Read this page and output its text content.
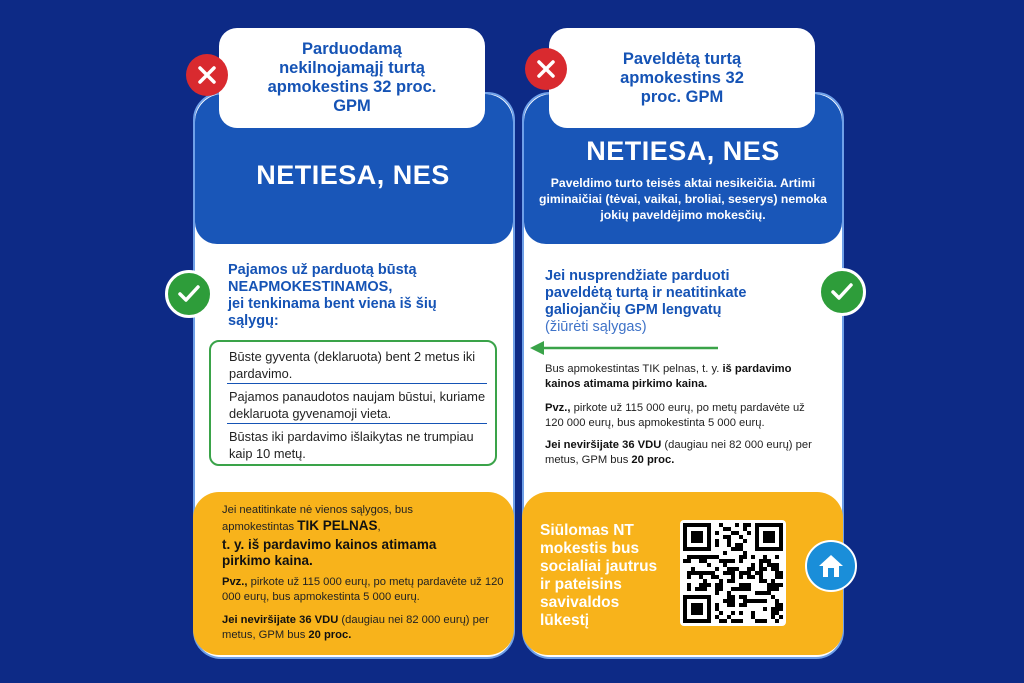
NETIESA, NES
Parduodamą nekilnojamąjį turtą apmokestins 32 proc. GPM
Pajamos už parduotą būstą
NEAPMOKESTINAMOS,
jei tenkinama bent viena iš šių
sąlygų:
Būste gyventa (deklaruota) bent 2 metus iki pardavimo.
Pajamos panaudotos naujam būstui, kuriame deklaruota gyvenamoji vieta.
Būstas iki pardavimo išlaikytas ne trumpiau kaip 10 metų.
Jei neatitinkate nė vienos sąlygos, bus
apmokestintas TIK PELNAS,
t. y. iš pardavimo kainos atimama pirkimo kaina.
Pvz., pirkote už 115 000 eurų, po metų pardavėte už 120 000 eurų, bus apmokestinta 5 000 eurų.
Jei neviršijate 36 VDU (daugiau nei 82 000 eurų) per metus, GPM bus 20 proc.
NETIESA, NES
Paveldimo turto teisės aktai nesikeičia. Artimi giminaičiai (tėvai, vaikai, broliai, seserys) nemoka jokių paveldėjimo mokesčių.
Paveldėtą turtą apmokestins 32 proc. GPM
Jei nusprendžiate parduoti paveldėtą turtą ir neatitinkate galiojančių GPM lengvatų
(žiūrėti sąlygas)
Bus apmokestintas TIK pelnas, t. y. iš pardavimo kainos atimama pirkimo kaina.
Pvz., pirkote už 115 000 eurų, po metų pardavėte už 120 000 eurų, bus apmokestinta 5 000 eurų.
Jei neviršijate 36 VDU (daugiau nei 82 000 eurų) per metus, GPM bus 20 proc.
Siūlomas NT mokestis bus socialiai jautrus ir pateisins savivaldos lūkestį
